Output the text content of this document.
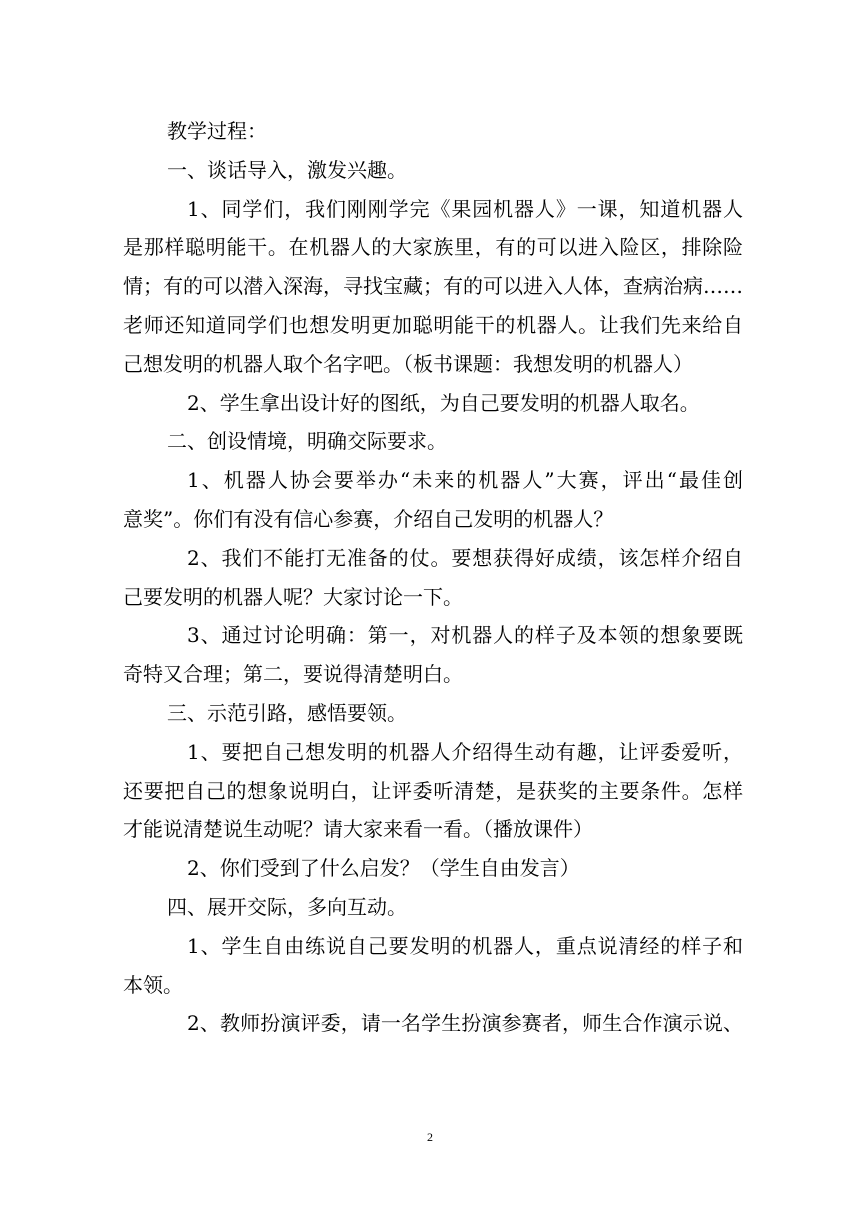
教学过程：

一、谈话导入，激发兴趣。

1、同学们，我们刚刚学完《果园机器人》一课，知道机器人

是那样聪明能干。在机器人的大家族里，有的可以进入险区，排除险

情；有的可以潜入深海，寻找宝藏；有的可以进入人体，查病治病……

老师还知道同学们也想发明更加聪明能干的机器人。让我们先来给自

己想发明的机器人取个名字吧。（板书课题：我想发明的机器人）

2、学生拿出设计好的图纸，为自己要发明的机器人取名。

二、创设情境，明确交际要求。

1、机器人协会要举办“未来的机器人”大赛，评出“最佳创

意奖”。你们有没有信心参赛，介绍自己发明的机器人？

2、我们不能打无准备的仗。要想获得好成绩，该怎样介绍自

己要发明的机器人呢？大家讨论一下。

3、通过讨论明确：第一，对机器人的样子及本领的想象要既

奇特又合理；第二，要说得清楚明白。

三、示范引路，感悟要领。

1、要把自己想发明的机器人介绍得生动有趣，让评委爱听，

还要把自己的想象说明白，让评委听清楚，是获奖的主要条件。怎样

才能说清楚说生动呢？请大家来看一看。（播放课件）

2、你们受到了什么启发？（学生自由发言）

四、展开交际，多向互动。

1、学生自由练说自己要发明的机器人，重点说清经的样子和

本领。

2、教师扮演评委，请一名学生扮演参赛者，师生合作演示说、

2
